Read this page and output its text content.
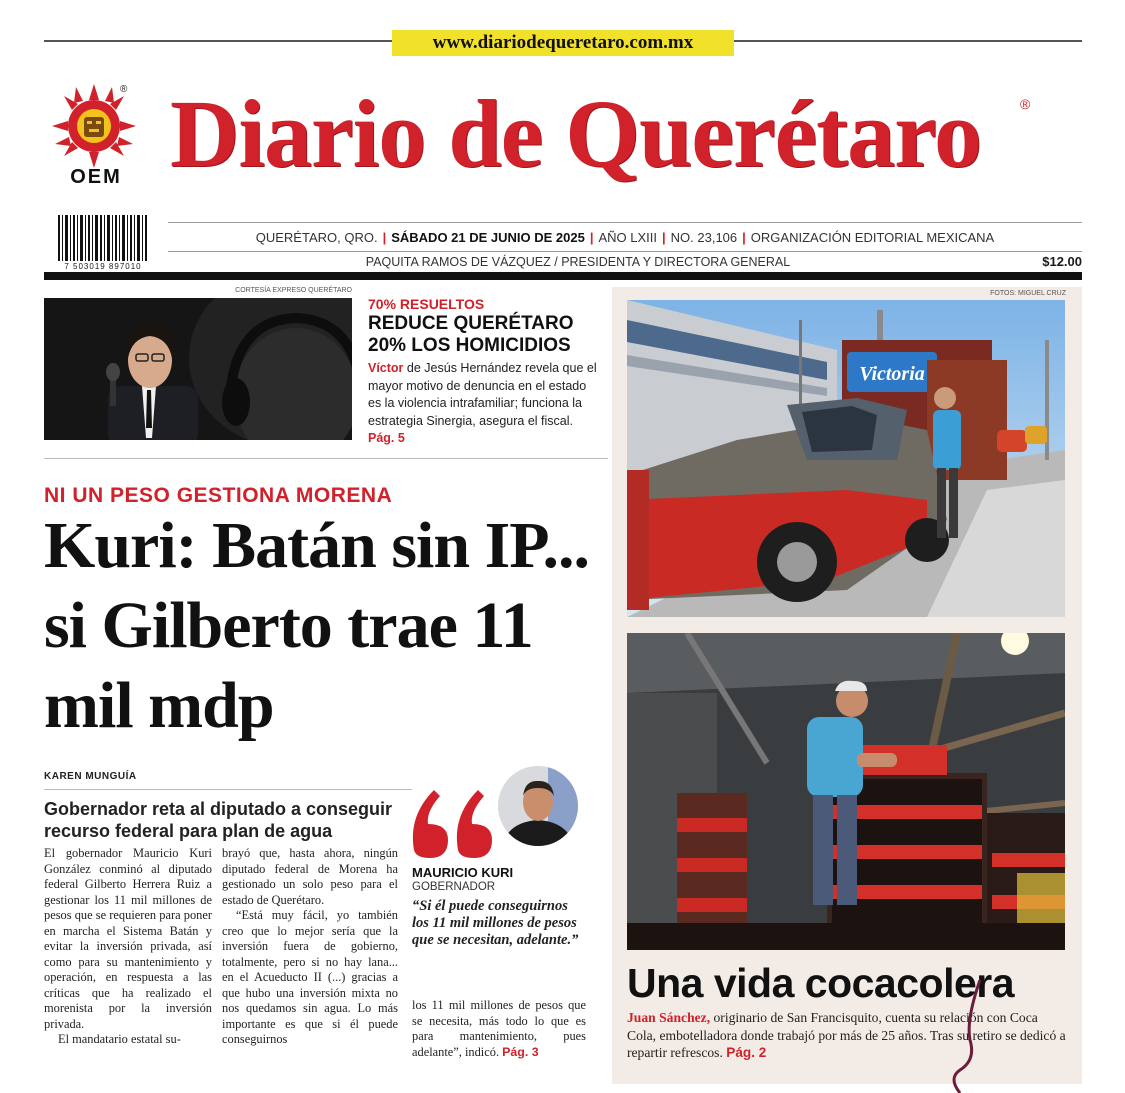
www.diariodequeretaro.com.mx
®
OEM Diario de Querétaro	®
7 503019 897010
QUERÉTARO, QRO. | SÁBADO 21 DE JUNIO DE 2025 | AÑO LXIII | NO. 23,106 | ORGANIZACIÓN EDITORIAL MEXICANA
PAQUITA RAMOS DE VÁZQUEZ / PRESIDENTA Y DIRECTORA GENERAL	$12.00
CORTESÍA EXPRESO QUERÉTARO
70% RESUELTOS
REDUCE QUERÉTARO 20% LOS HOMICIDIOS
Víctor de Jesús Hernández revela que el mayor motivo de denuncia en el estado es la violencia intrafamiliar; funciona la estrategia Sinergia, asegura el fiscal. Pág. 5
NI UN PESO GESTIONA MORENA
Kuri: Batán sin IP... si Gilberto trae 11 mil mdp
KAREN MUNGUÍA
Gobernador reta al diputado a conseguir recurso federal para plan de agua

El gobernador Mauricio Kuri González conminó al diputado federal Gilberto Herrera Ruiz a gestionar los 11 mil millones de pesos que se requieren para poner en marcha el Sistema Batán y evitar la inversión privada, así como para su mantenimiento y operación, en respuesta a las críticas que ha realizado el morenista por la inversión privada.

El mandatario estatal su-

brayó que, hasta ahora, ningún diputado federal de Morena ha gestionado un solo peso para el estado de Querétaro.

“Está muy fácil, yo también creo que lo mejor sería que la inversión fuera de gobierno, totalmente, pero si no hay lana... en el Acueducto II (...) gracias a que hubo una inversión mixta no nos quedamos sin agua. Lo más importante es que si él puede conseguirnos

MAURICIO KURI
GOBERNADOR
“Si él puede conseguirnos los 11 mil millones de pesos que se necesitan, adelante.”
los 11 mil millones de pesos que se necesita, más todo lo que es para mantenimiento, pues adelante”, indicó. Pág. 3
FOTOS: MIGUEL CRUZ
Victoria
Una vida cocacolera
Juan Sánchez, originario de San Francisquito, cuenta su relación con Coca Cola, embotelladora donde trabajó por más de 25 años. Tras su retiro se dedicó a repartir refrescos. Pág. 2
